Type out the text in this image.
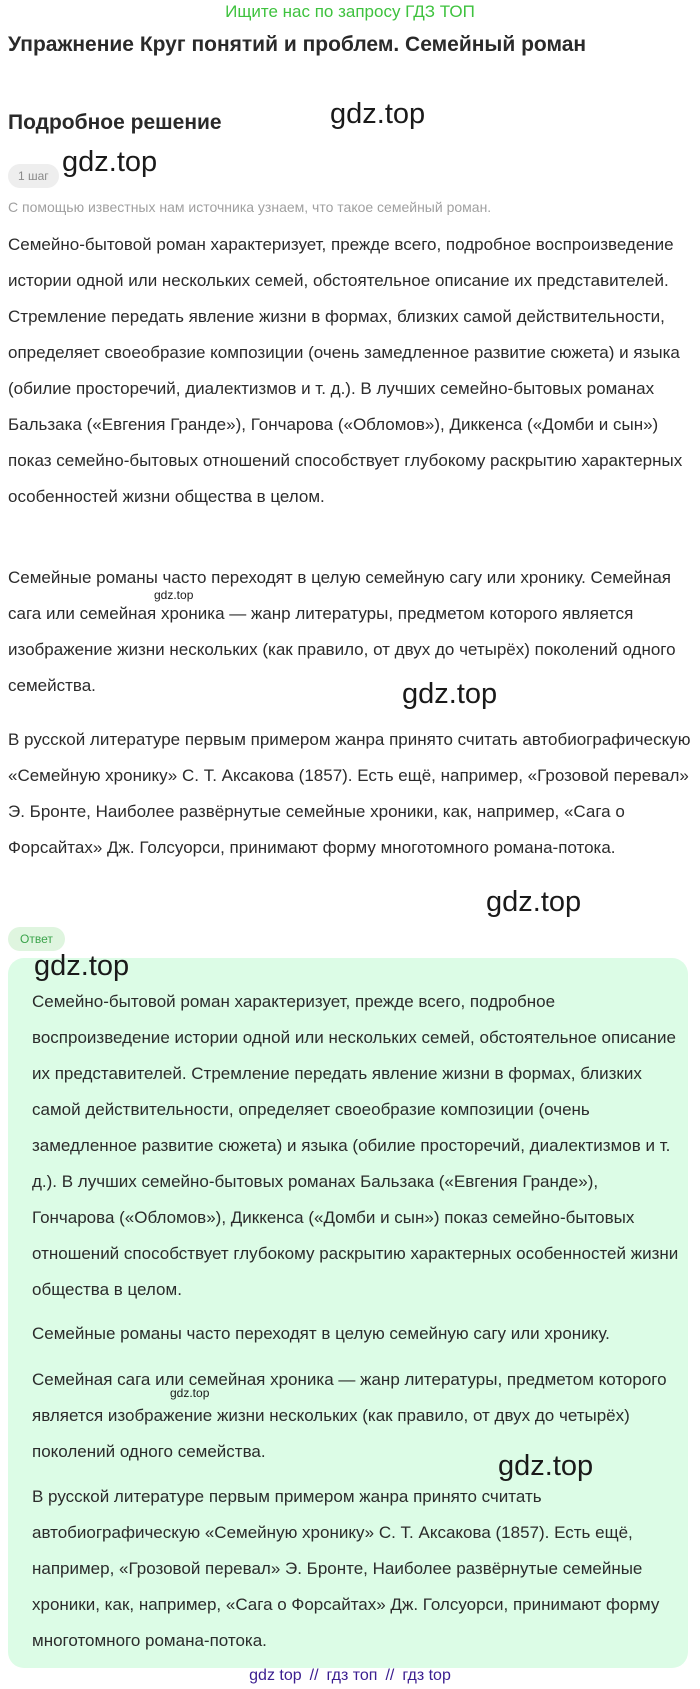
Ищите нас по запросу ГДЗ ТОП
Упражнение Круг понятий и проблем. Семейный роман
Подробное решение	gdz.top
1 шаг gdz.top
С помощью известных нам источника узнаем, что такое семейный роман.

Семейно-бытовой роман характеризует, прежде всего, подробное воспроизведение истории одной или нескольких семей, обстоятельное описание их представителей. Стремление передать явление жизни в формах, близких самой действительности, определяет своеобразие композиции (очень замедленное развитие сюжета) и языка (обилие просторечий, диалектизмов и т. д.). В лучших семейно-бытовых романах Бальзака («Евгения Гранде»), Гончарова («Обломов»), Диккенса («Домби и сын») показ семейно-бытовых отношений способствует глубокому раскрытию характерных особенностей жизни общества в целом.

Семейные романы часто переходят в целую семейную сагу или хронику. Семейная сага или семейная хроника — жанр литературы, предметом которого является изображение жизни нескольких (как правило, от двух до четырёх) поколений одного семейства.

gdz.top
gdz.top

В русской литературе первым примером жанра принято считать автобиографическую «Семейную хронику» С. Т. Аксакова (1857). Есть ещё, например, «Грозовой перевал» Э. Бронте, Наиболее развёрнутые семейные хроники, как, например, «Сага о Форсайтах» Дж. Голсуорси, принимают форму многотомного романа-потока.

gdz.top
Ответ
gdz.top

Семейно-бытовой роман характеризует, прежде всего, подробное воспроизведение истории одной или нескольких семей, обстоятельное описание их представителей. Стремление передать явление жизни в формах, близких самой действительности, определяет своеобразие композиции (очень замедленное развитие сюжета) и языка (обилие просторечий, диалектизмов и т. д.). В лучших семейно-бытовых романах Бальзака («Евгения Гранде»), Гончарова («Обломов»), Диккенса («Домби и сын») показ семейно-бытовых отношений способствует глубокому раскрытию характерных особенностей жизни общества в целом.

Семейные романы часто переходят в целую семейную сагу или хронику.

Семейная сага или семейная хроника — жанр литературы, предметом которого является изображение жизни нескольких (как правило, от двух до четырёх) поколений одного семейства.

gdz.top
gdz.top

В русской литературе первым примером жанра принято считать автобиографическую «Семейную хронику» С. Т. Аксакова (1857). Есть ещё, например, «Грозовой перевал» Э. Бронте, Наиболее развёрнутые семейные хроники, как, например, «Сага о Форсайтах» Дж. Голсуорси, принимают форму многотомного романа-потока.

gdz top // гдз топ // гдз top
